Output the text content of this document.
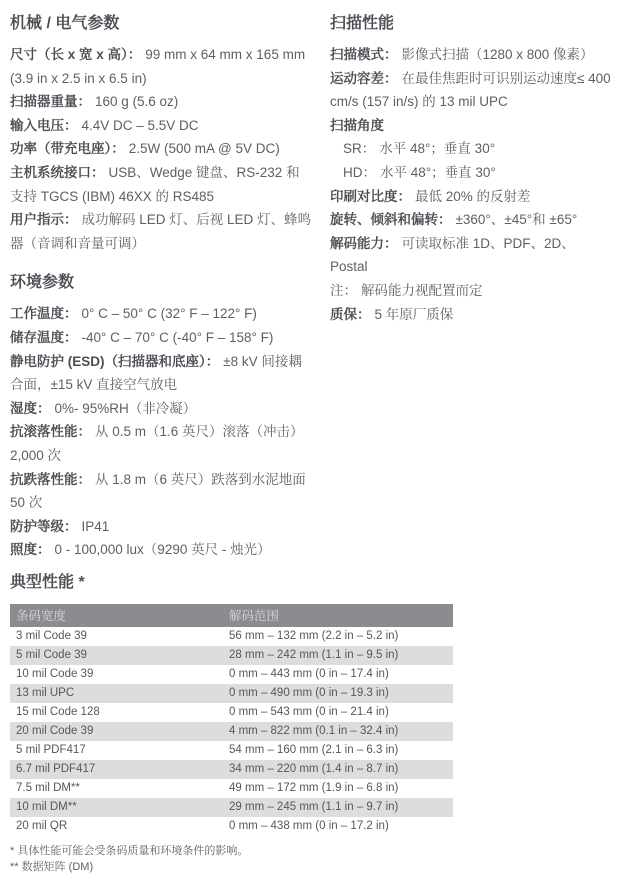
机械 / 电气参数

尺寸（长 x 宽 x 高）： 99 mm x 64 mm x 165 mm (3.9 in x 2.5 in x 6.5 in)

扫描器重量： 160 g (5.6 oz)

输入电压： 4.4V DC – 5.5V DC

功率（带充电座）： 2.5W (500 mA @ 5V DC)

主机系统接口： USB、Wedge 键盘、RS-232 和支持 TGCS (IBM) 46XX 的 RS485

用户指示： 成功解码 LED 灯、后视 LED 灯、蜂鸣器（音调和音量可调）

环境参数

工作温度： 0° C – 50° C (32° F – 122° F)

储存温度： -40° C – 70° C (-40° F – 158° F)

静电防护 (ESD)（扫描器和底座）： ±8 kV 间接耦合面，±15 kV 直接空气放电

湿度： 0%- 95%RH（非冷凝）

抗滚落性能： 从 0.5 m（1.6 英尺）滚落（冲击）2,000 次

抗跌落性能： 从 1.8 m（6 英尺）跌落到水泥地面 50 次

防护等级： IP41

照度： 0 - 100,000 lux（9290 英尺 - 烛光）

扫描性能

扫描模式： 影像式扫描（1280 x 800 像素）

运动容差： 在最佳焦距时可识别运动速度≤ 400 cm/s (157 in/s) 的 13 mil UPC

扫描角度

SR： 水平 48°；垂直 30°

HD： 水平 48°；垂直 30°

印刷对比度： 最低 20% 的反射差

旋转、倾斜和偏转： ±360°、±45°和 ±65°

解码能力： 可读取标准 1D、PDF、2D、Postal

注： 解码能力视配置而定

质保： 5 年原厂质保

典型性能 *
条码宽度	解码范围
3 mil Code 39	56 mm – 132 mm (2.2 in – 5.2 in)
5 mil Code 39	28 mm – 242 mm (1.1 in – 9.5 in)
10 mil Code 39	0 mm – 443 mm (0 in – 17.4 in)
13 mil UPC	0 mm – 490 mm (0 in – 19.3 in)
15 mil Code 128	0 mm – 543 mm (0 in – 21.4 in)
20 mil Code 39	4 mm – 822 mm (0.1 in – 32.4 in)
5 mil PDF417	54 mm – 160 mm (2.1 in – 6.3 in)
6.7 mil PDF417	34 mm – 220 mm (1.4 in – 8.7 in)
7.5 mil DM**	49 mm – 172 mm (1.9 in – 6.8 in)
10 mil DM**	29 mm – 245 mm (1.1 in – 9.7 in)
20 mil QR	0 mm – 438 mm (0 in – 17.2 in)

* 具体性能可能会受条码质量和环境条件的影响。

** 数据矩阵 (DM)
